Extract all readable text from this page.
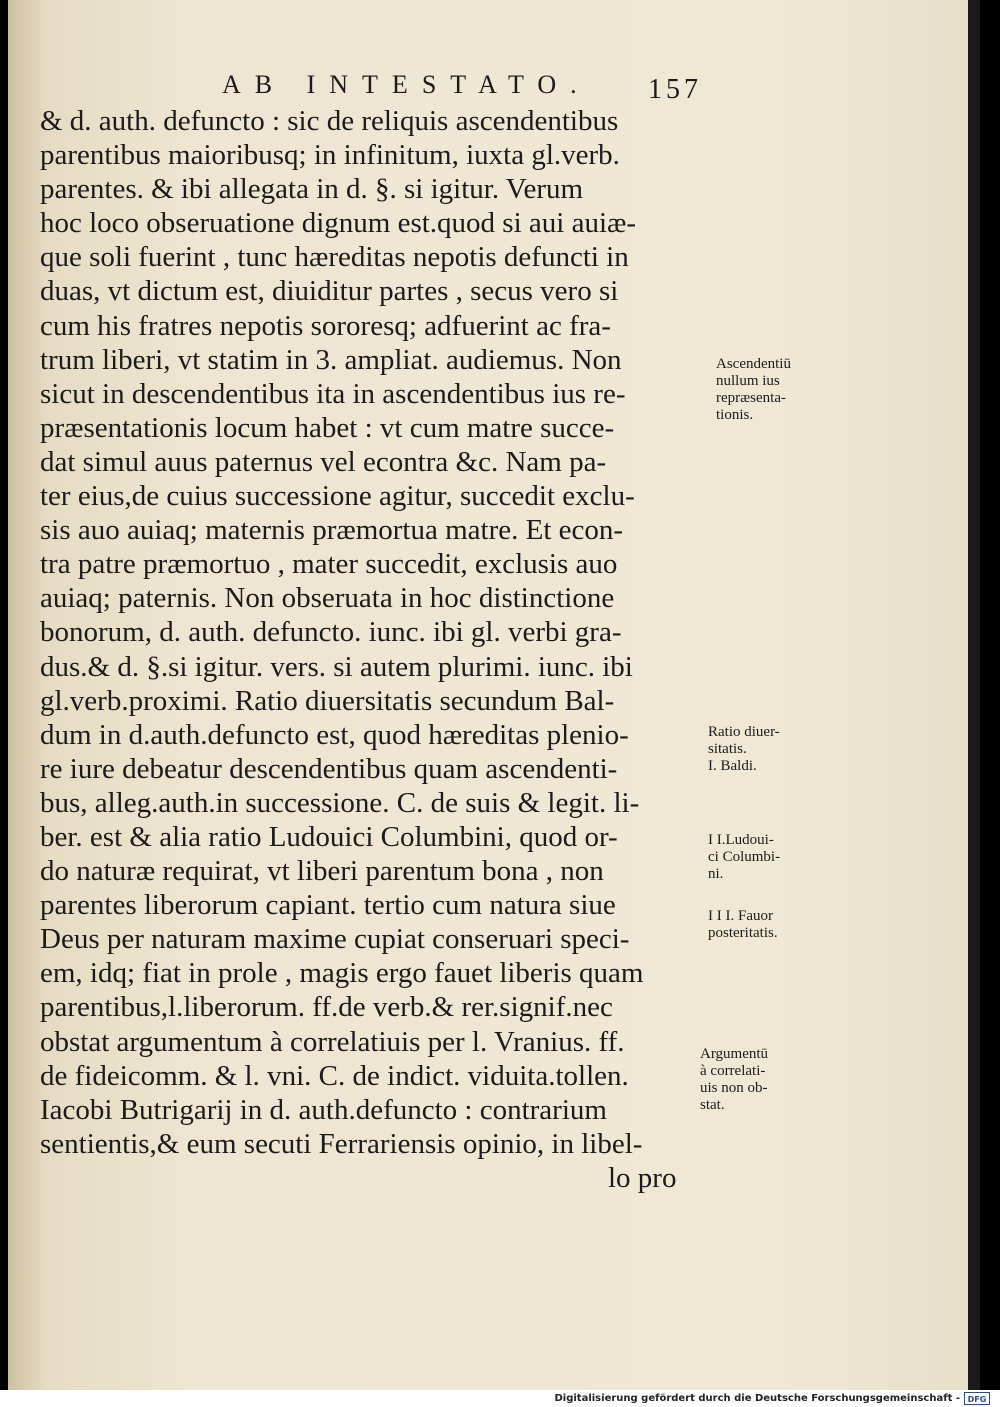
AB INTESTATO. 157
& d. auth. defuncto : sic de reliquis ascendentibus
parentibus maioribusq; in infinitum, iuxta gl.verb.
parentes. & ibi allegata in d. §. si igitur. Verum
hoc loco obseruatione dignum est.quod si aui auiæ-
que soli fuerint , tunc hæreditas nepotis defuncti in
duas, vt dictum est, diuiditur partes , secus vero si
cum his fratres nepotis sororesq; adfuerint ac fra-
trum liberi, vt statim in 3. ampliat. audiemus. Non
sicut in descendentibus ita in ascendentibus ius re-
præsentationis locum habet : vt cum matre succe-
dat simul auus paternus vel econtra &c. Nam pa-
ter eius,de cuius successione agitur, succedit exclu-
sis auo auiaq; maternis præmortua matre. Et econ-
tra patre præmortuo , mater succedit, exclusis auo
auiaq; paternis. Non obseruata in hoc distinctione
bonorum, d. auth. defuncto. iunc. ibi gl. verbi gra-
dus.& d. §.si igitur. vers. si autem plurimi. iunc. ibi
gl.verb.proximi. Ratio diuersitatis secundum Bal-
dum in d.auth.defuncto est, quod hæreditas plenio-
re iure debeatur descendentibus quam ascendenti-
bus, alleg.auth.in successione. C. de suis & legit. li-
ber. est & alia ratio Ludouici Columbini, quod or-
do naturæ requirat, vt liberi parentum bona , non
parentes liberorum capiant. tertio cum natura siue
Deus per naturam maxime cupiat conseruari speci-
em, idq; fiat in prole , magis ergo fauet liberis quam
parentibus,l.liberorum. ff.de verb.& rer.signif.nec
obstat argumentum à correlatiuis per l. Vranius. ff.
de fideicomm. & l. vni. C. de indict. viduita.tollen.
Iacobi Butrigarij in d. auth.defuncto : contrarium
sentientis,& eum secuti Ferrariensis opinio, in libel-
lo pro
Ascendentiū
nullum ius
repræsenta-
tionis.
Ratio diuer-
sitatis.
I. Baldi.
I I.Ludoui-
ci Columbi-
ni.
I I I. Fauor
posteritatis.
Argumentū
à correlati-
uis non ob-
stat.
Digitalisierung gefördert durch die Deutsche Forschungsgemeinschaft - DFG
